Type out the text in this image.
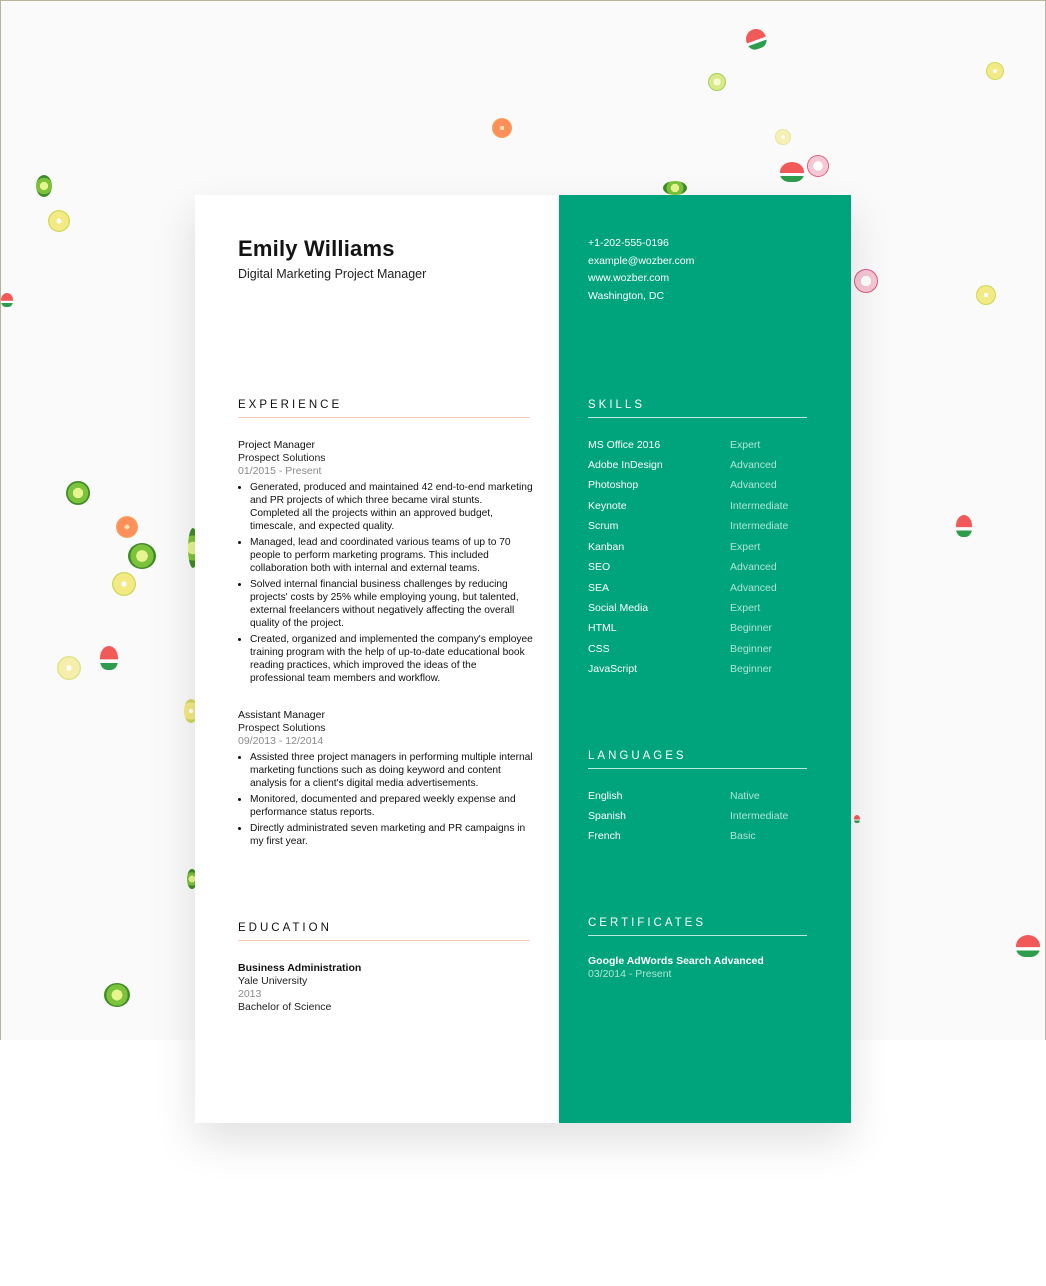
Emily Williams
Digital Marketing Project Manager
EXPERIENCE
Project Manager
Prospect Solutions
01/2015 - Present
• Generated, produced and maintained 42 end-to-end marketing and PR projects of which three became viral stunts. Completed all the projects within an approved budget, timescale, and expected quality.
• Managed, lead and coordinated various teams of up to 70 people to perform marketing programs. This included collaboration both with internal and external teams.
• Solved internal financial business challenges by reducing projects' costs by 25% while employing young, but talented, external freelancers without negatively affecting the overall quality of the project.
• Created, organized and implemented the company's employee training program with the help of up-to-date educational book reading practices, which improved the ideas of the professional team members and workflow.
Assistant Manager
Prospect Solutions
09/2013 - 12/2014
• Assisted three project managers in performing multiple internal marketing functions such as doing keyword and content analysis for a client's digital media advertisements.
• Monitored, documented and prepared weekly expense and performance status reports.
• Directly administrated seven marketing and PR campaigns in my first year.
EDUCATION
Business Administration
Yale University
2013
Bachelor of Science
+1-202-555-0196
example@wozber.com
www.wozber.com
Washington, DC
SKILLS
MS Office 2016	Expert
Adobe InDesign	Advanced
Photoshop	Advanced
Keynote	Intermediate
Scrum	Intermediate
Kanban	Expert
SEO	Advanced
SEA	Advanced
Social Media	Expert
HTML	Beginner
CSS	Beginner
JavaScript	Beginner
LANGUAGES
English	Native
Spanish	Intermediate
French	Basic
CERTIFICATES
Google AdWords Search Advanced
03/2014 - Present
